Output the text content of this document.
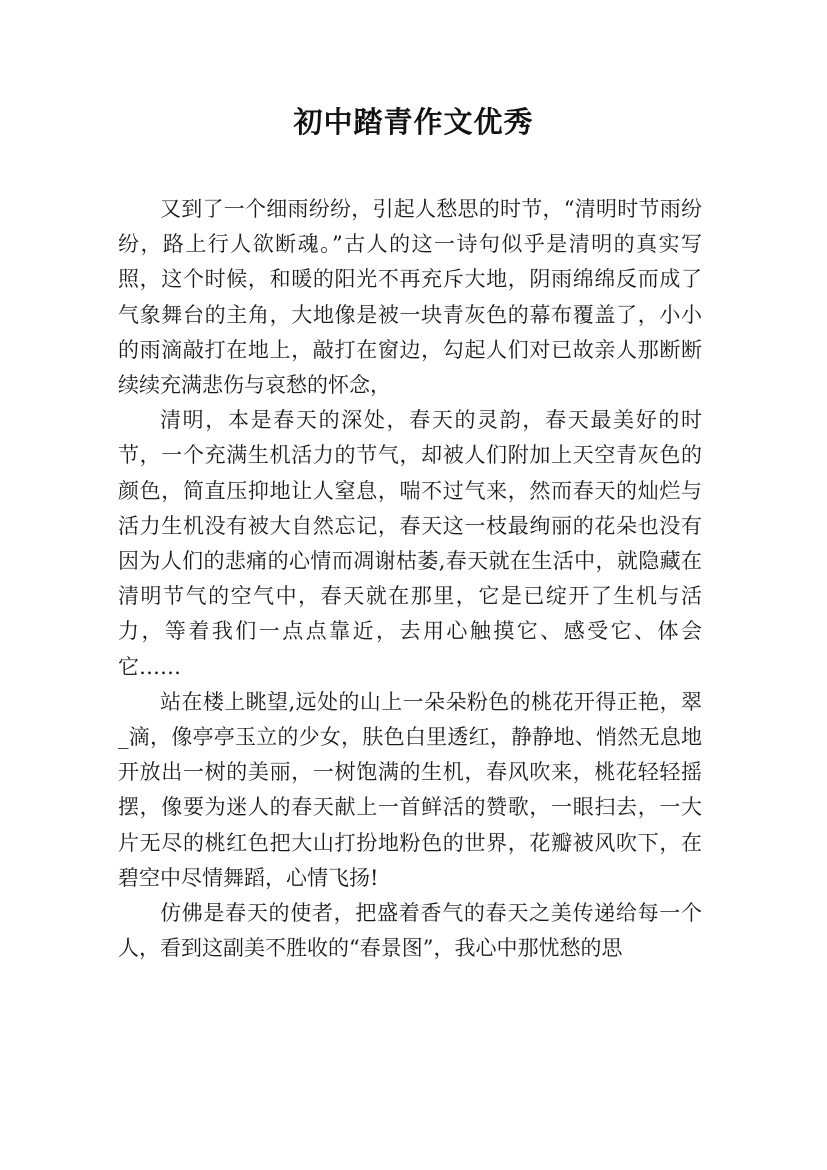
初中踏青作文优秀

又到了一个细雨纷纷，引起人愁思的时节，“清明时节雨纷纷，路上行人欲断魂。”古人的这一诗句似乎是清明的真实写照，这个时候，和暖的阳光不再充斥大地，阴雨绵绵反而成了气象舞台的主角，大地像是被一块青灰色的幕布覆盖了，小小的雨滴敲打在地上，敲打在窗边，勾起人们对已故亲人那断断续续充满悲伤与哀愁的怀念，

清明，本是春天的深处，春天的灵韵，春天最美好的时节，一个充满生机活力的节气，却被人们附加上天空青灰色的颜色，简直压抑地让人窒息，喘不过气来，然而春天的灿烂与活力生机没有被大自然忘记，春天这一枝最绚丽的花朵也没有因为人们的悲痛的心情而凋谢枯萎,春天就在生活中，就隐藏在清明节气的空气中，春天就在那里，它是已绽开了生机与活力，等着我们一点点靠近，去用心触摸它、感受它、体会它……

站在楼上眺望,远处的山上一朵朵粉色的桃花开得正艳，翠_滴，像亭亭玉立的少女，肤色白里透红，静静地、悄然无息地开放出一树的美丽，一树饱满的生机，春风吹来，桃花轻轻摇摆，像要为迷人的春天献上一首鲜活的赞歌，一眼扫去，一大片无尽的桃红色把大山打扮地粉色的世界，花瓣被风吹下，在碧空中尽情舞蹈，心情飞扬!

仿佛是春天的使者，把盛着香气的春天之美传递给每一个人，看到这副美不胜收的“春景图”，我心中那忧愁的思
